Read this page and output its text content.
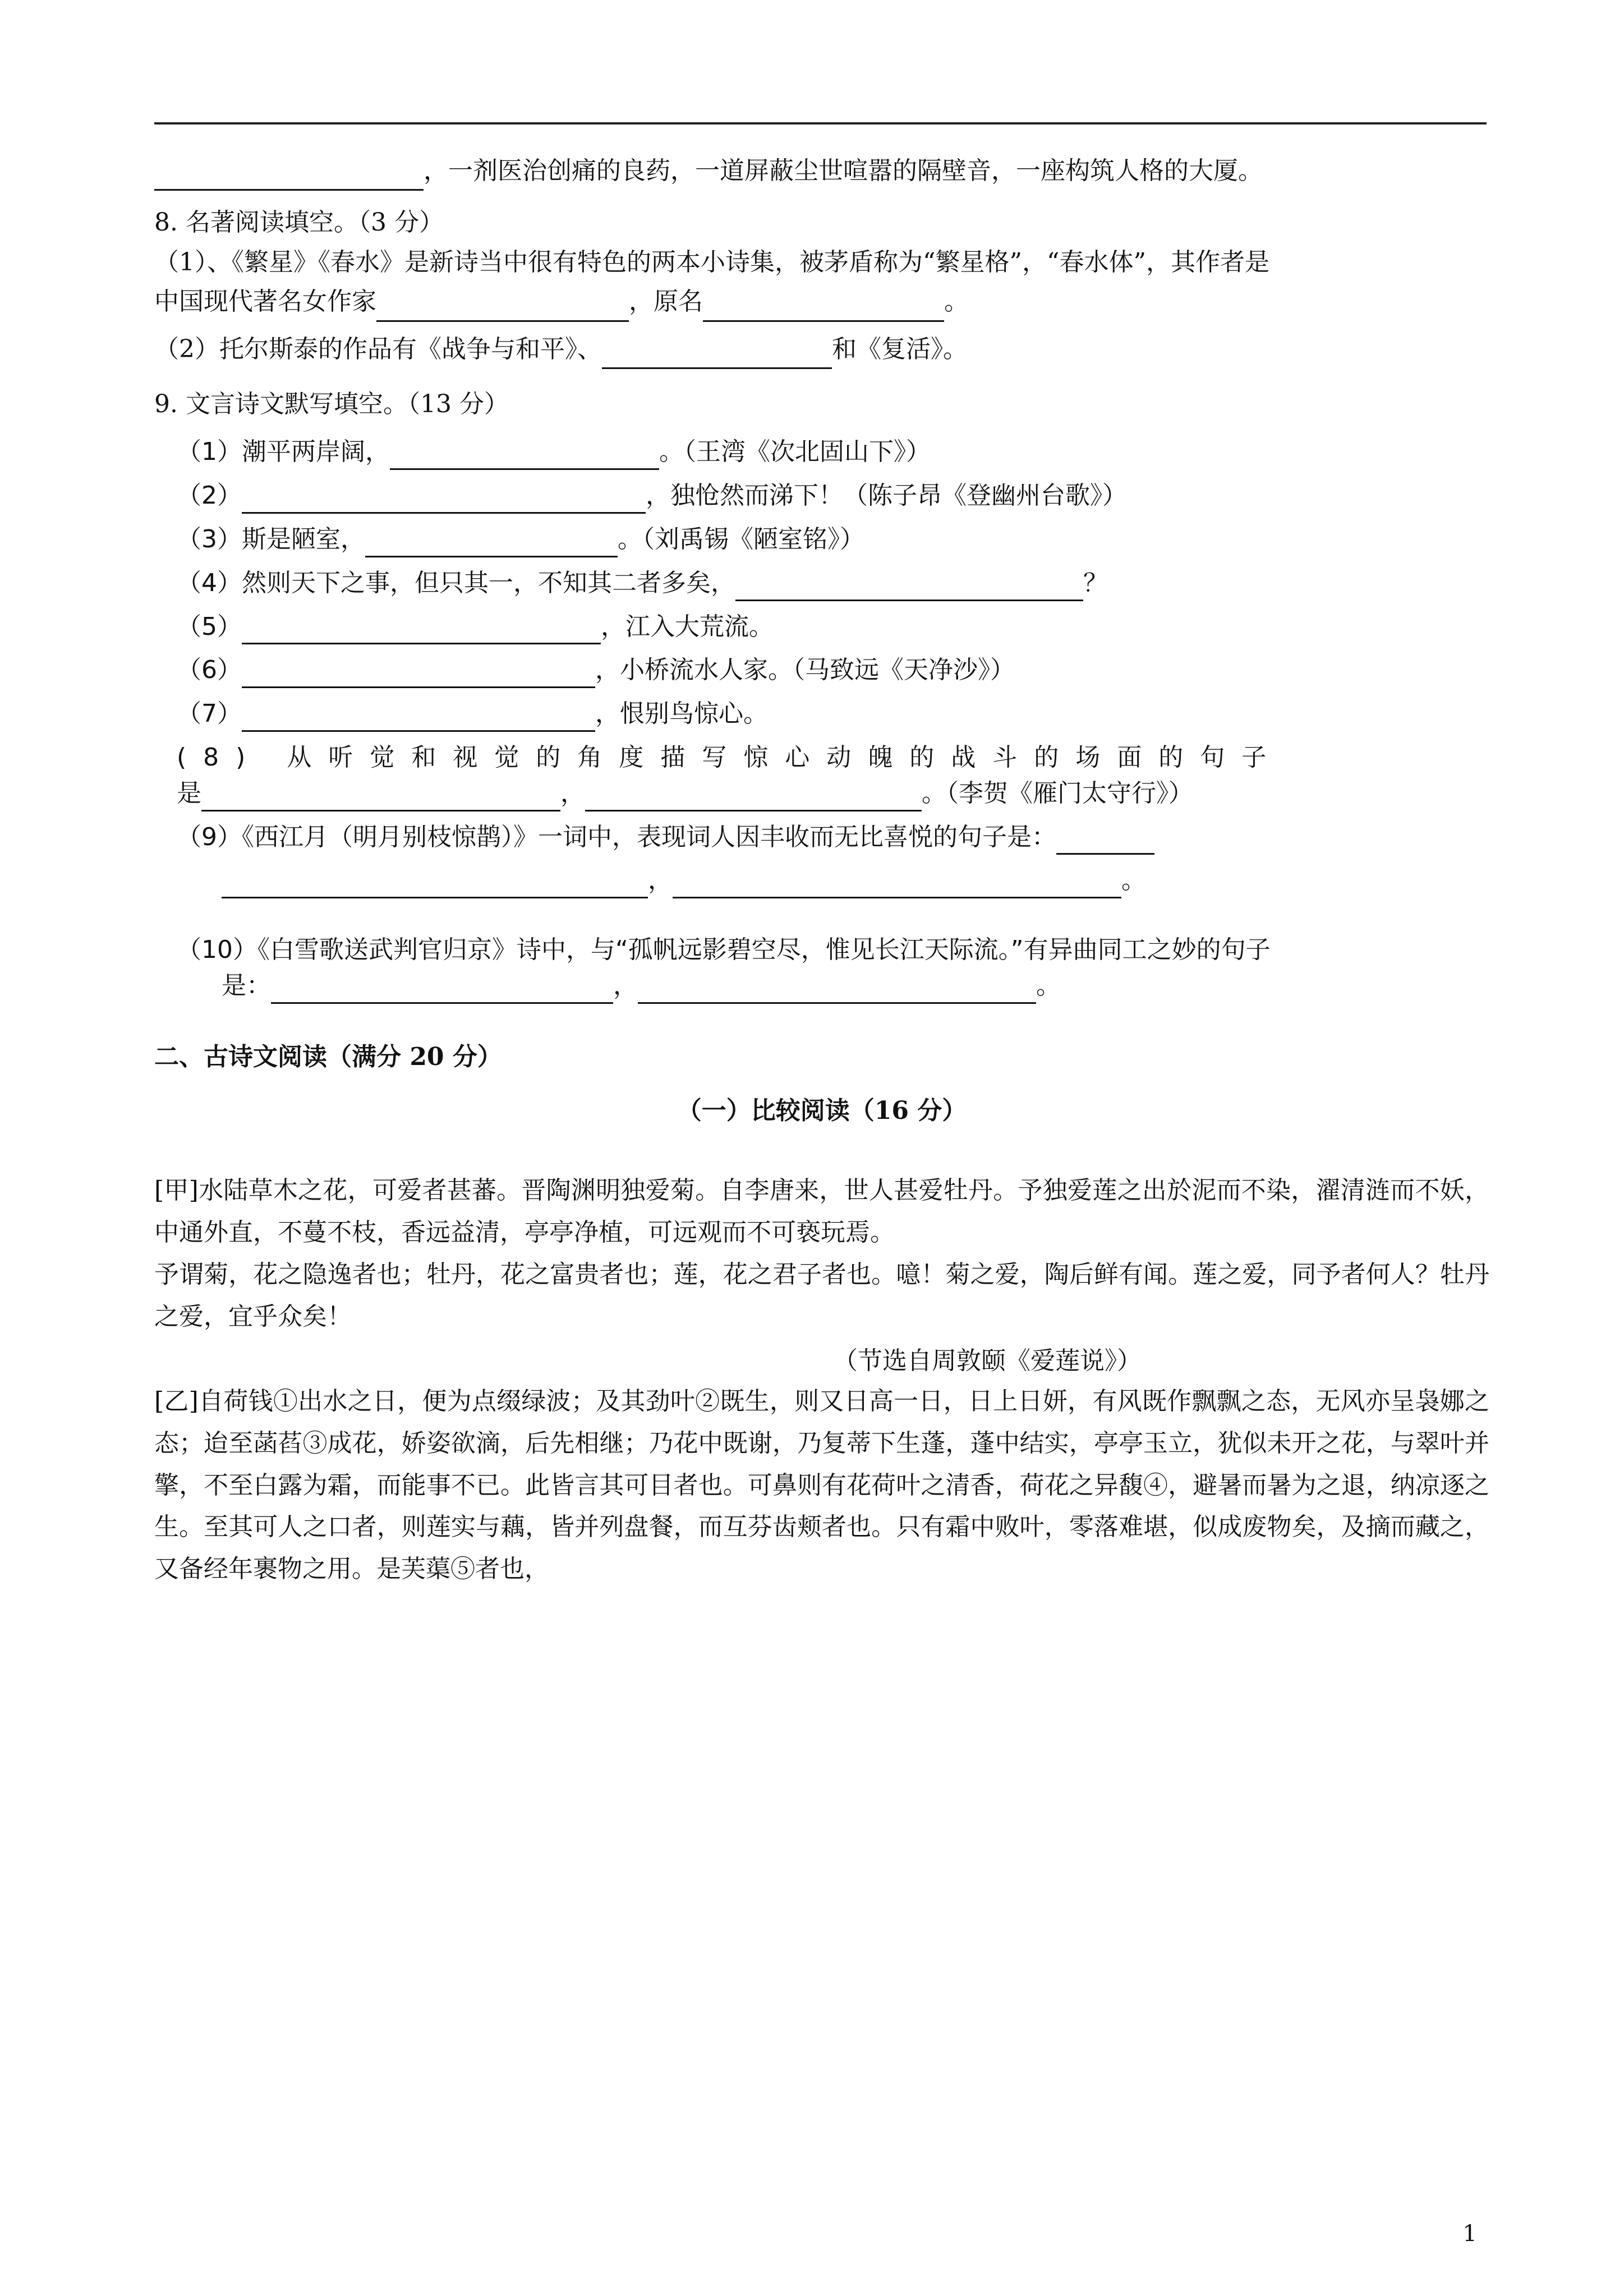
，一剂医治创痛的良药，一道屏蔽尘世喧嚣的隔壁音，一座构筑人格的大厦。

8. 名著阅读填空。（3 分）

（1）、《繁星》《春水》是新诗当中很有特色的两本小诗集，被茅盾称为“繁星格”，“春水体”，其作者是

中国现代著名女作家	，原名	。

（2）托尔斯泰的作品有《战争与和平》、	和《复活》。

9. 文言诗文默写填空。（13 分）

（1）潮平两岸阔，	。（王湾《次北固山下》）

（2）	，独怆然而涕下！（陈子昂《登幽州台歌》）

（3）斯是陋室，	。（刘禹锡《陋室铭》）

（4）然则天下之事，但只其一，不知其二者多矣，	？

（5）	，江入大荒流。

（6）	，小桥流水人家。（马致远《天净沙》）

（7）	，恨别鸟惊心。

(8) 从听觉和视觉的角度描写惊心动魄的战斗的场面的句子

是	，	。（李贺《雁门太守行》）

（9）《西江月（明月别枝惊鹊）》一词中，表现词人因丰收而无比喜悦的句子是：

，	。

（10）《白雪歌送武判官归京》诗中，与“孤帆远影碧空尽，惟见长江天际流。”有异曲同工之妙的句子

是：	，	。

二、古诗文阅读（满分 20 分）

（一）比较阅读（16 分）

[甲]水陆草木之花，可爱者甚蕃。晋陶渊明独爱菊。自李唐来，世人甚爱牡丹。予独爱莲之出於泥而不染，濯清涟而不妖，中通外直，不蔓不枝，香远益清，亭亭净植，可远观而不可亵玩焉。

予谓菊，花之隐逸者也；牡丹，花之富贵者也；莲，花之君子者也。噫！菊之爱，陶后鲜有闻。莲之爱，同予者何人？牡丹之爱，宜乎众矣！

（节选自周敦颐《爱莲说》）

[乙]自荷钱①出水之日，便为点缀绿波；及其劲叶②既生，则又日高一日，日上日妍，有风既作飘飘之态，无风亦呈袅娜之态；迨至菡萏③成花，娇姿欲滴，后先相继；乃花中既谢，乃复蒂下生蓬，蓬中结实，亭亭玉立，犹似未开之花，与翠叶并擎，不至白露为霜，而能事不已。此皆言其可目者也。可鼻则有花荷叶之清香，荷花之异馥④，避暑而暑为之退，纳凉逐之生。至其可人之口者，则莲实与藕，皆并列盘餐，而互芬齿颊者也。只有霜中败叶，零落难堪，似成废物矣，及摘而藏之，又备经年裹物之用。是芙蕖⑤者也，

1
